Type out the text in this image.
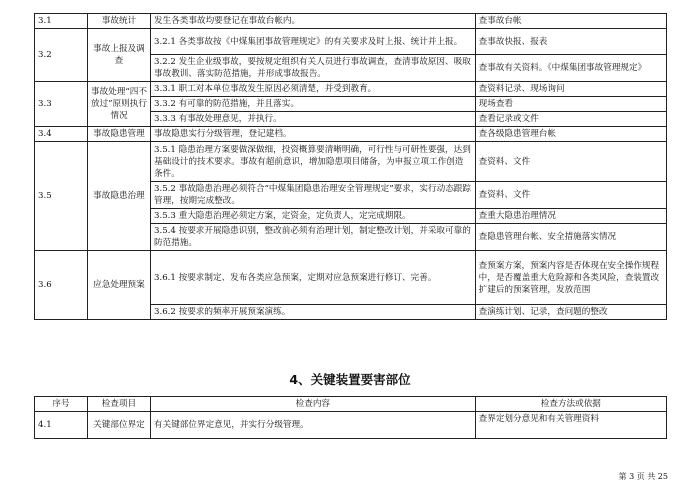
3.1	事故统计	发生各类事故均要登记在事故台帐内。	查事故台帐
3.2	事故上报及调查	3.2.1 各类事故按《中煤集团事故管理规定》的有关要求及时上报、统计并上报。	查事故快报、报表
		3.2.2 发生企业级事故，要按规定组织有关人员进行事故调查，查清事故原因、吸取事故教训、落实防范措施，并形成事故报告。	查事故有关资料。《中煤集团事故管理规定》
3.3	事故处理“四不放过”原则执行情况	3.3.1 职工对本单位事故发生原因必须清楚，并受到教育。	查资料记录、现场询问
		3.3.2 有可靠的防范措施，并且落实。	现场查看
		3.3.3 有事故处理意见，并执行。	查看记录或文件
3.4	事故隐患管理	事故隐患实行分级管理，登记建档。	查各级隐患管理台帐
3.5	事故隐患治理	3.5.1 隐患治理方案要做深做细，投资概算要清晰明确，可行性与可研性要强，达到基础设计的技术要求。事故有超前意识，增加隐患项目储备，为申报立项工作创造条件。	查资料、文件
		3.5.2 事故隐患治理必须符合“中煤集团隐患治理安全管理规定”要求，实行动态跟踪管理，按期完成整改。	查资料、文件
		3.5.3 重大隐患治理必须定方案，定资金，定负责人，定完成期限。	查重大隐患治理情况
		3.5.4 按要求开展隐患识别，整改前必须有治理计划，制定整改计划，并采取可靠的防范措施。	查隐患管理台帐、安全措施落实情况
3.6	应急处理预案	3.6.1 按要求制定、发布各类应急预案，定期对应急预案进行修订、完善。	查预案方案，预案内容是否体现在安全操作规程中，是否覆盖重大危险源和各类风险，查装置改扩建后的预案管理，发放范围
		3.6.2 按要求的频率开展预案演练。	查演练计划、记录，查问题的整改
4、关键装置要害部位
序号	检查项目	检查内容	检查方法或依据
4.1	关键部位界定	有关键部位界定意见，并实行分级管理。	查界定划分意见和有关管理资料
第 3 页 共 25
